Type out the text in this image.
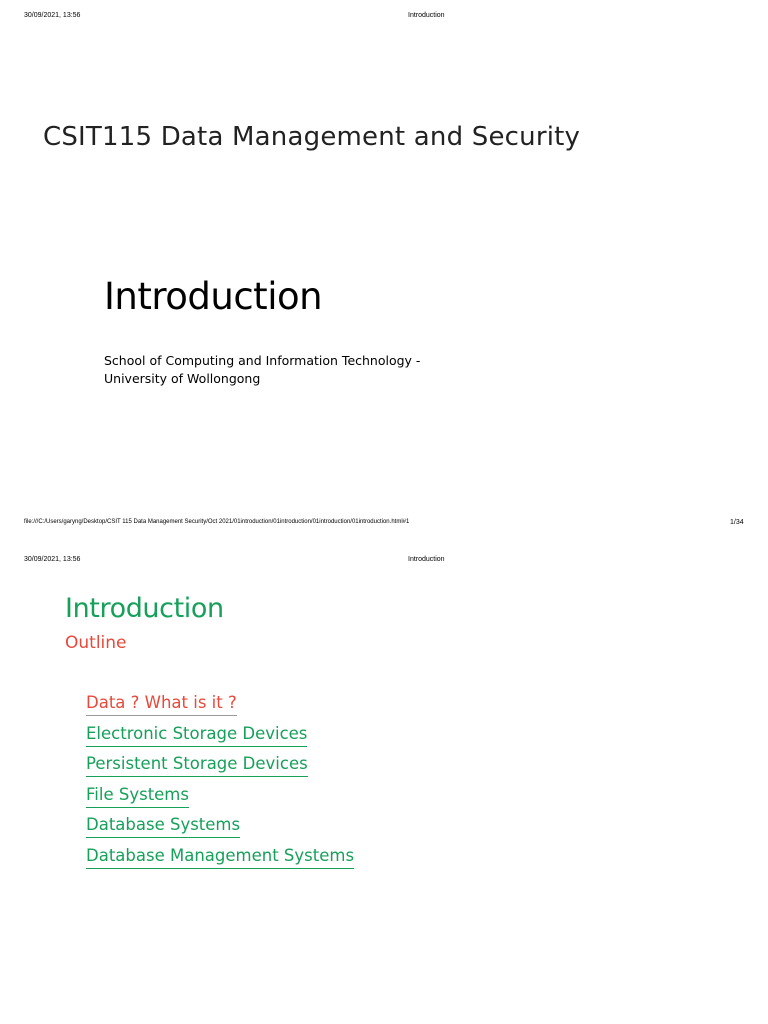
30/09/2021, 13:56	Introduction
CSIT115 Data Management and Security
Introduction
School of Computing and Information Technology -
University of Wollongong
file:///C:/Users/garyng/Desktop/CSIT 115 Data Management Security/Oct 2021/01introduction/01introduction/01introduction/01introduction.html#1	1/34
30/09/2021, 13:56	Introduction
Introduction
Outline
Data ? What is it ?
Electronic Storage Devices
Persistent Storage Devices
File Systems
Database Systems
Database Management Systems
